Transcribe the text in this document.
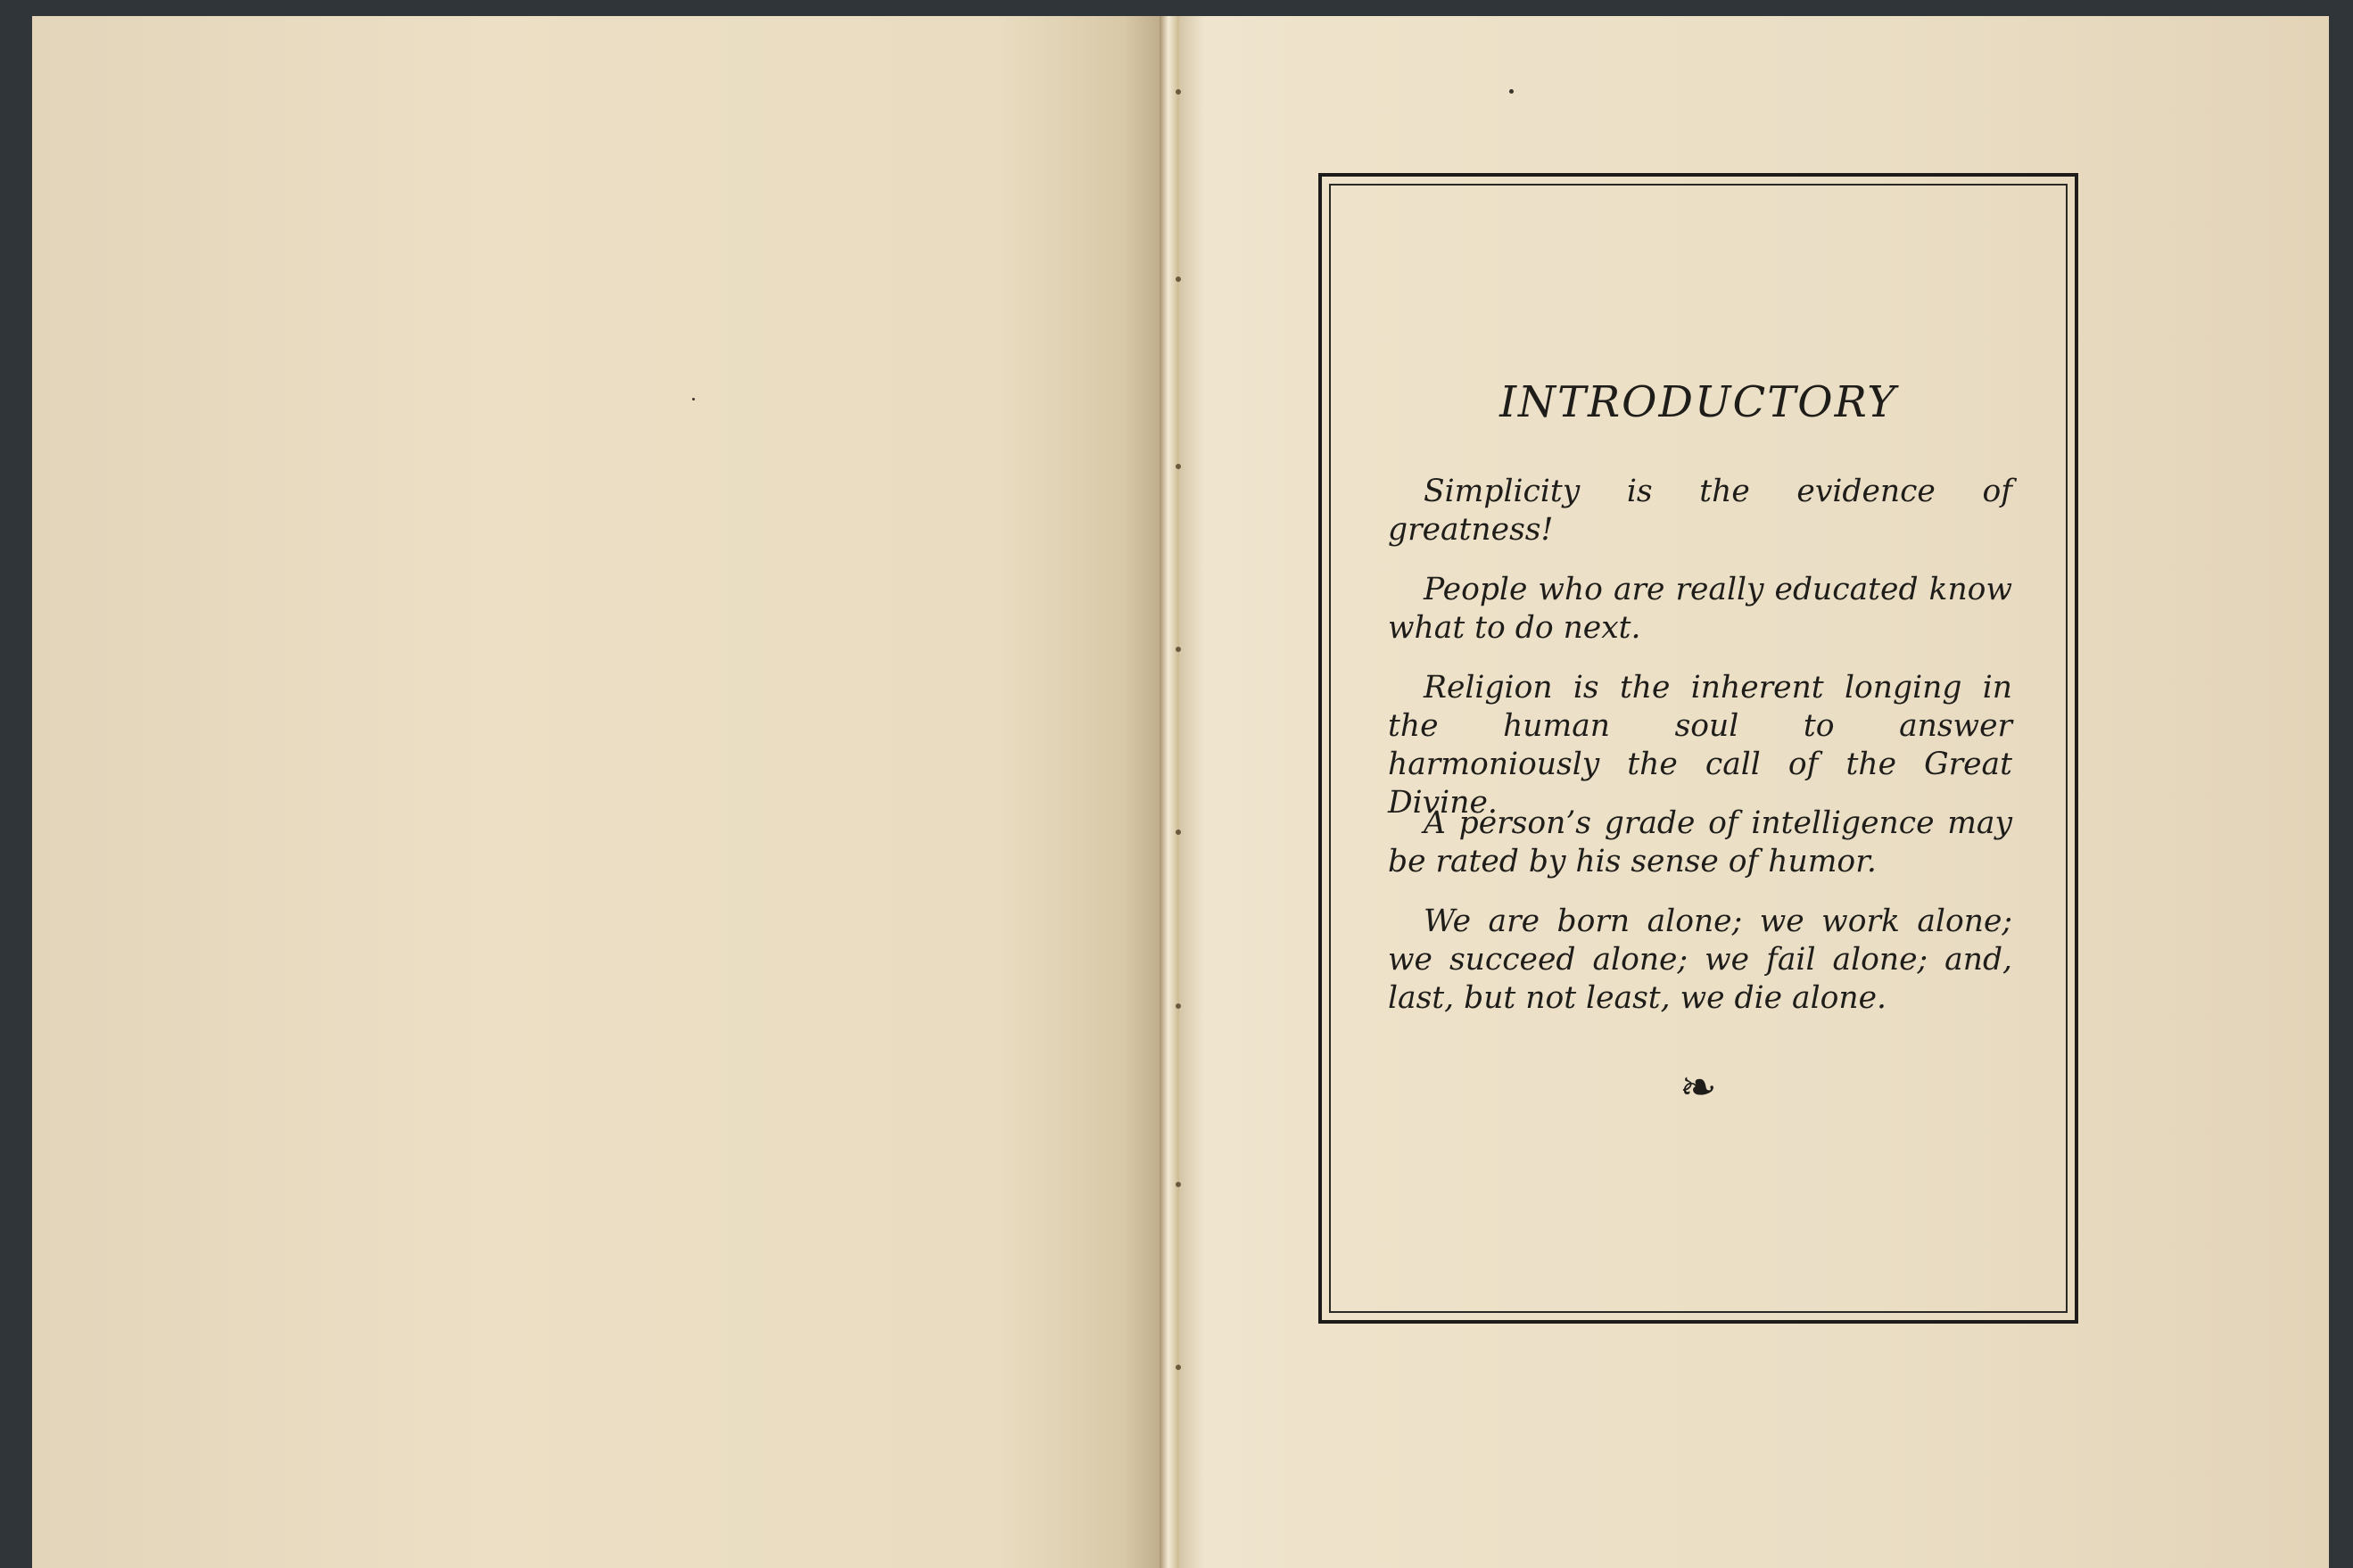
INTRODUCTORY
Simplicity is the evidence of greatness!
People who are really educated know what to do next.
Religion is the inherent longing in the human soul to answer harmoniously the call of the Great Divine.
A person’s grade of intelligence may be rated by his sense of humor.
We are born alone; we work alone; we succeed alone; we fail alone; and, last, but not least, we die alone.
❧
